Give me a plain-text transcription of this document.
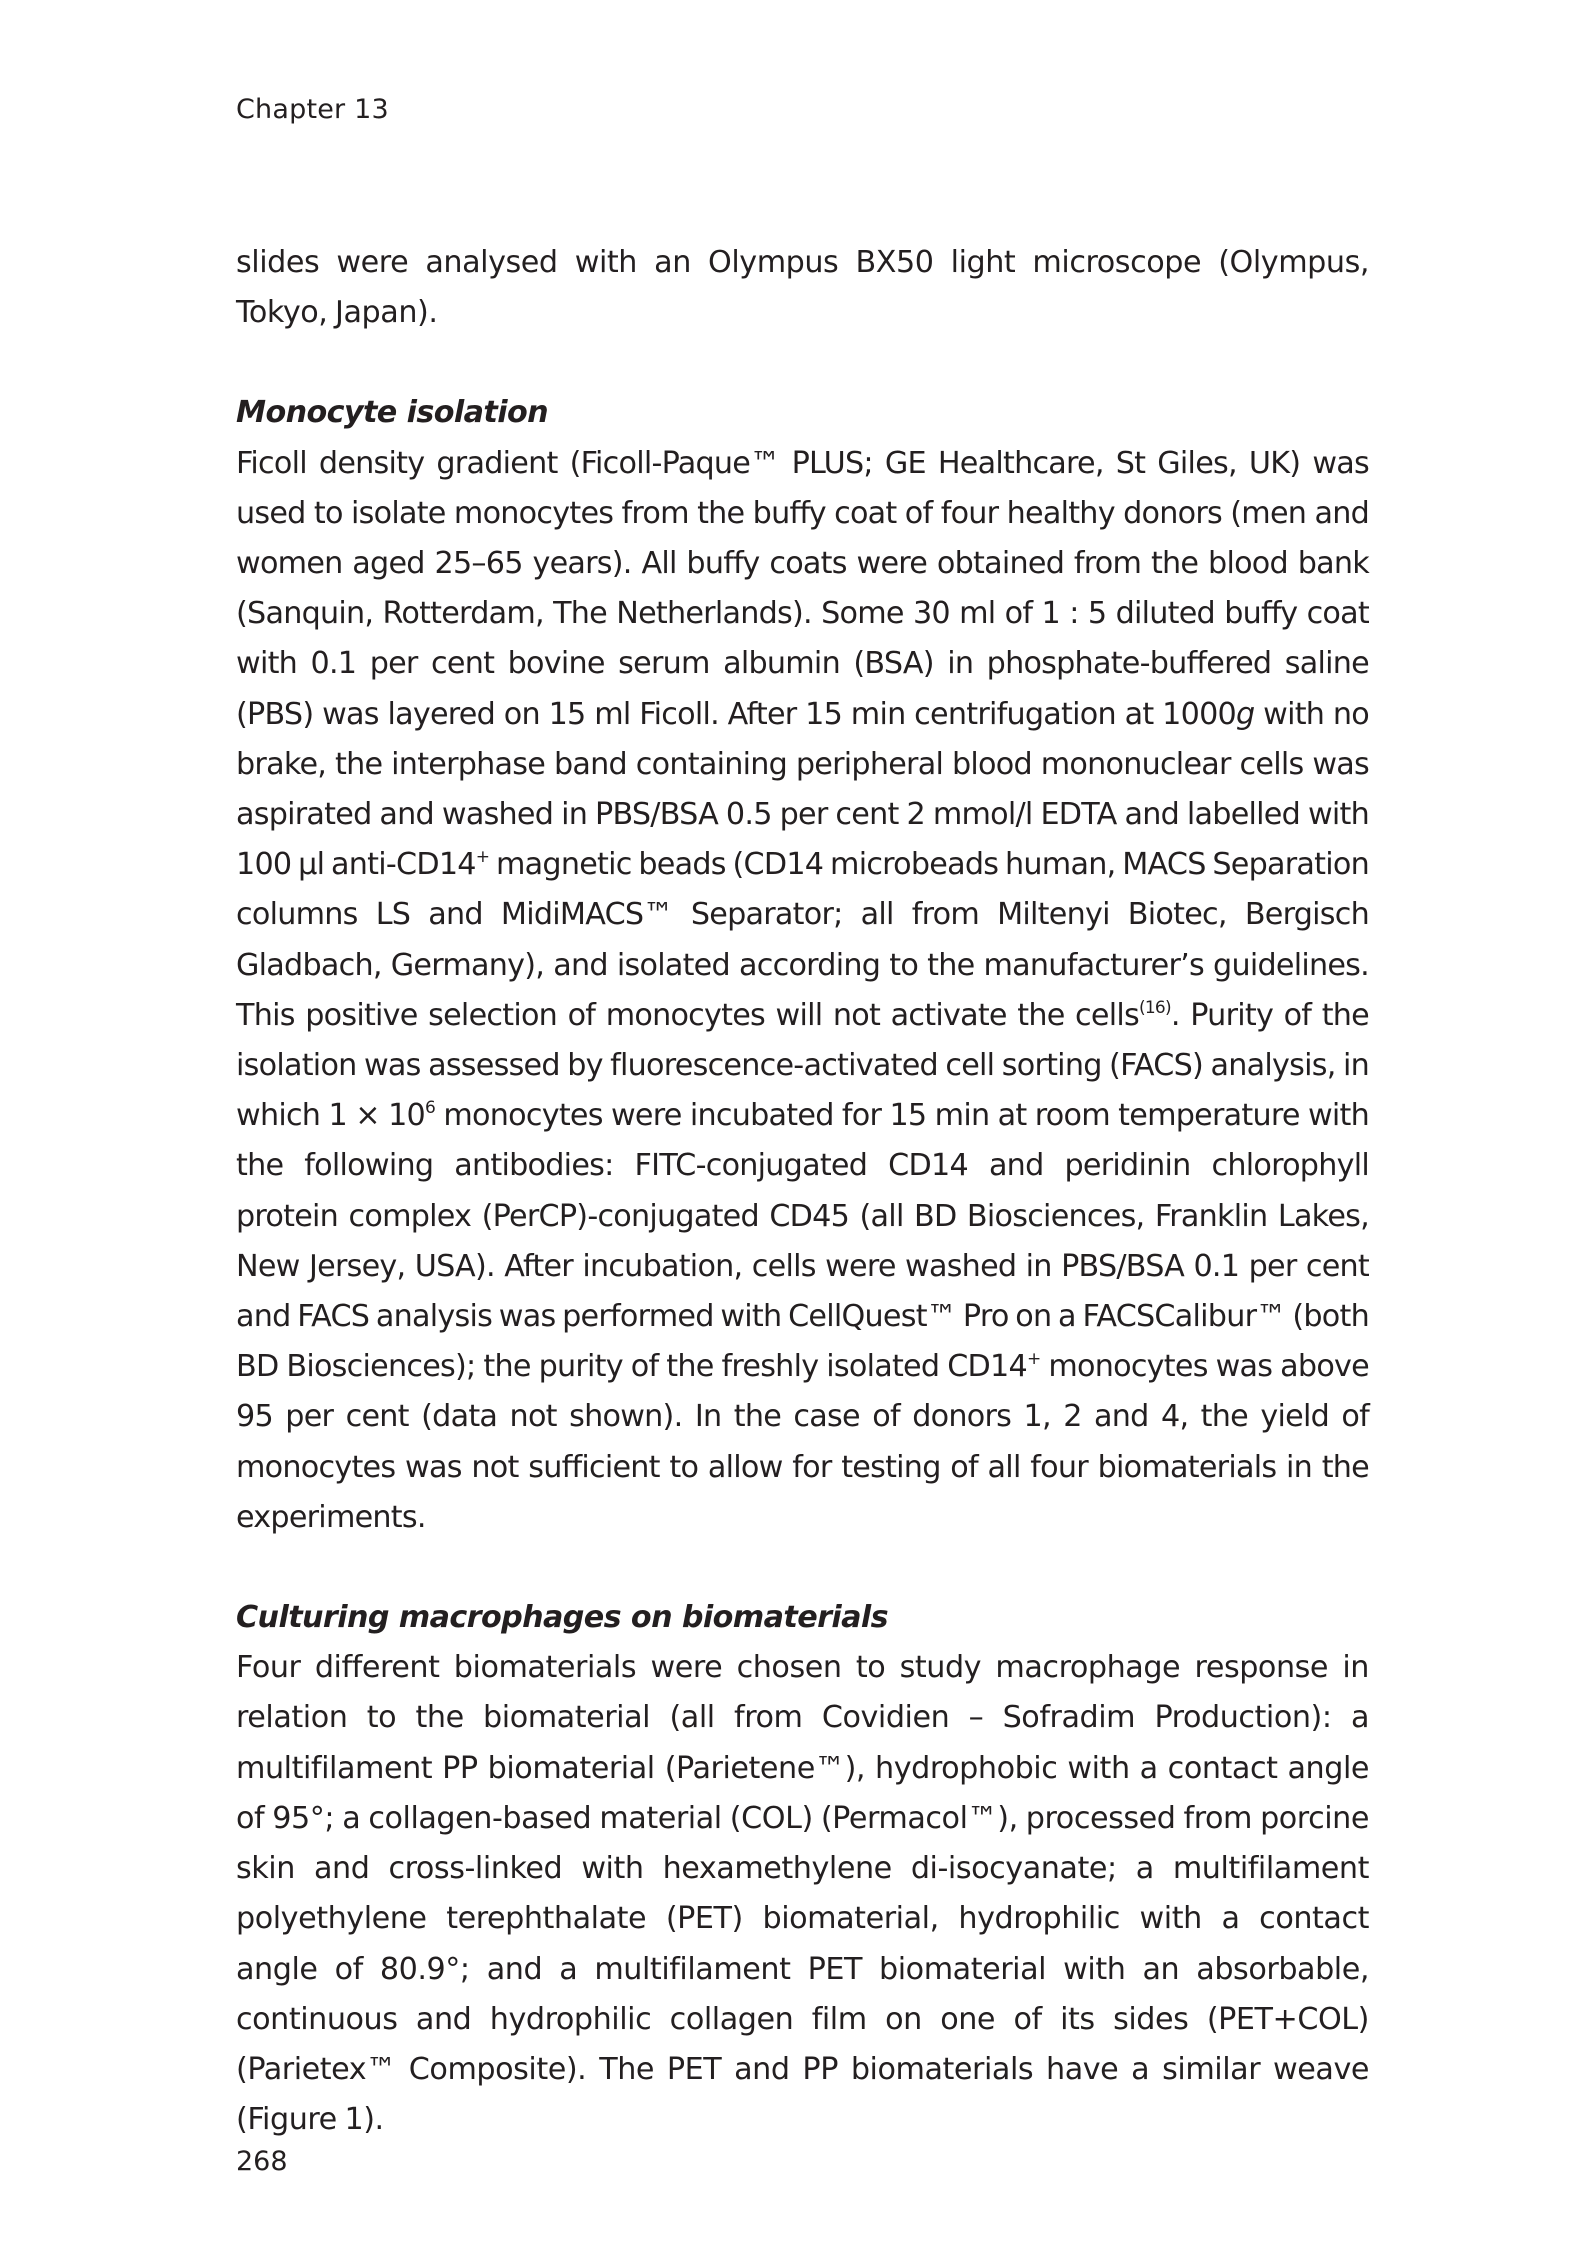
Chapter 13

slides were analysed with an Olympus BX50 light microscope (Olympus, Tokyo, Japan).

Monocyte isolation

Ficoll density gradient (Ficoll-Paque™ PLUS; GE Healthcare, St Giles, UK) was used to isolate monocytes from the buffy coat of four healthy donors (men and women aged 25–65 years). All buffy coats were obtained from the blood bank (Sanquin, Rotterdam, The Netherlands). Some 30 ml of 1 : 5 diluted buffy coat with 0.1 per cent bovine serum albumin (BSA) in phosphate-buffered saline (PBS) was layered on 15 ml Ficoll. After 15 min centrifugation at 1000g with no brake, the interphase band containing peripheral blood mononuclear cells was aspirated and washed in PBS/BSA 0.5 per cent 2 mmol/l EDTA and labelled with 100 µl anti-CD14+ magnetic beads (CD14 microbeads human, MACS Separation columns LS and MidiMACS™ Separator; all from Miltenyi Biotec, Bergisch Gladbach, Germany), and isolated according to the manufacturer’s guidelines. This positive selection of monocytes will not activate the cells$^{(16)}$. Purity of the isolation was assessed by fluorescence-activated cell sorting (FACS) analysis, in which $1 \times 10^6$ monocytes were incubated for 15 min at room temperature with the following antibodies: FITC-conjugated CD14 and peridinin chlorophyll protein complex (PerCP)-conjugated CD45 (all BD Biosciences, Franklin Lakes, New Jersey, USA). After incubation, cells were washed in PBS/BSA 0.1 per cent and FACS analysis was performed with CellQuest™ Pro on a FACSCalibur™ (both BD Biosciences); the purity of the freshly isolated CD14+ monocytes was above 95 per cent (data not shown). In the case of donors 1, 2 and 4, the yield of monocytes was not sufficient to allow for testing of all four biomaterials in the experiments.

Culturing macrophages on biomaterials

Four different biomaterials were chosen to study macrophage response in relation to the biomaterial (all from Covidien – Sofradim Production): a multifilament PP biomaterial (Parietene™), hydrophobic with a contact angle of 95°; a collagen-based material (COL) (Permacol™), processed from porcine skin and cross-linked with hexamethylene di-isocyanate; a multifilament polyethylene terephthalate (PET) biomaterial, hydrophilic with a contact angle of 80.9°; and a multifilament PET biomaterial with an absorbable, continuous and hydrophilic collagen film on one of its sides (PET+COL) (Parietex™ Composite). The PET and PP biomaterials have a similar weave (Figure 1).

268
